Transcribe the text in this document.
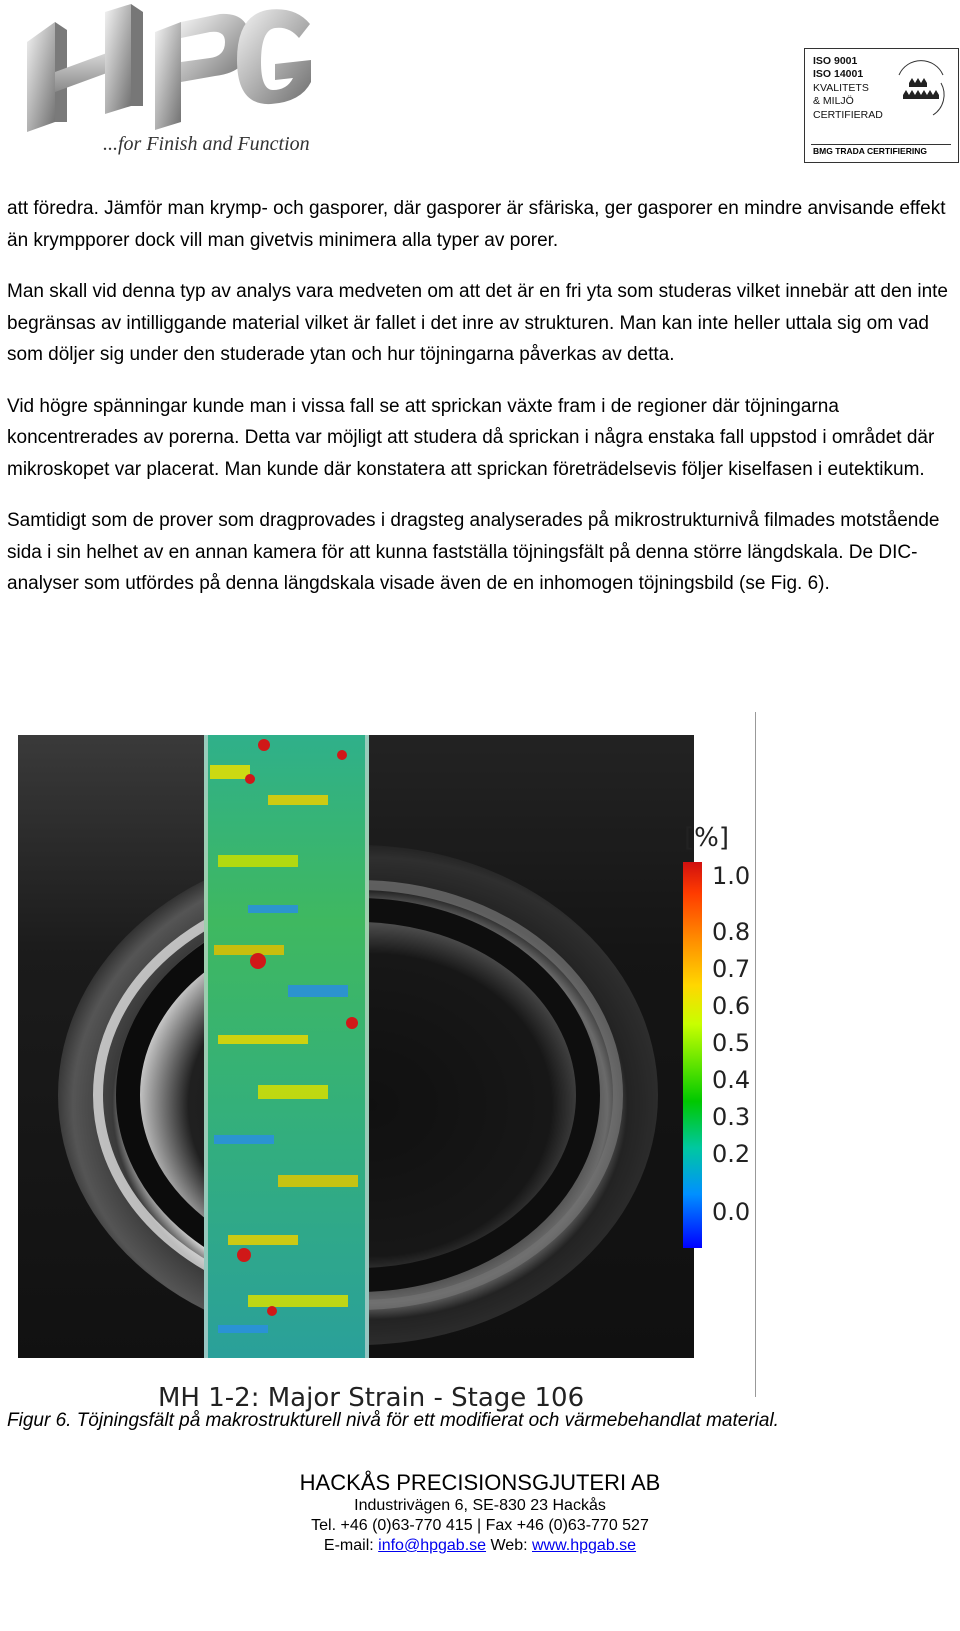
...for Finish and Function
ISO 9001
ISO 14001
KVALITETS
& MILJÖ
CERTIFIERAD
BMG TRADA CERTIFIERING

att föredra. Jämför man krymp- och gasporer, där gasporer är sfäriska, ger gasporer en mindre anvisande effekt än krympporer dock vill man givetvis minimera alla typer av porer.

Man skall vid denna typ av analys vara medveten om att det är en fri yta som studeras vilket innebär att den inte begränsas av intilliggande material vilket är fallet i det inre av strukturen. Man kan inte heller uttala sig om vad som döljer sig under den studerade ytan och hur töjningarna påverkas av detta.

Vid högre spänningar kunde man i vissa fall se att sprickan växte fram i de regioner där töjningarna koncentrerades av porerna. Detta var möjligt att studera då sprickan i några enstaka fall uppstod i området där mikroskopet var placerat. Man kunde där konstatera att sprickan företrädelsevis följer kiselfasen i eutektikum.

Samtidigt som de prover som dragprovades i dragsteg analyserades på mikrostrukturnivå filmades motstående sida i sin helhet av en annan kamera för att kunna fastställa töjningsfält på denna större längdskala. De DIC-analyser som utfördes på denna längdskala visade även de en inhomogen töjningsbild (se Fig. 6).

MH 1-2: Major Strain - Stage 106
[%]
1.0
0.8
0.7
0.6
0.5
0.4
0.3
0.2
0.0
Figur 6. Töjningsfält på makrostrukturell nivå för ett modifierat och värmebehandlat material.
HACKÅS PRECISIONSGJUTERI AB
Industrivägen 6, SE-830 23 Hackås
Tel. +46 (0)63-770 415 | Fax +46 (0)63-770 527
E-mail: info@hpgab.se Web: www.hpgab.se
